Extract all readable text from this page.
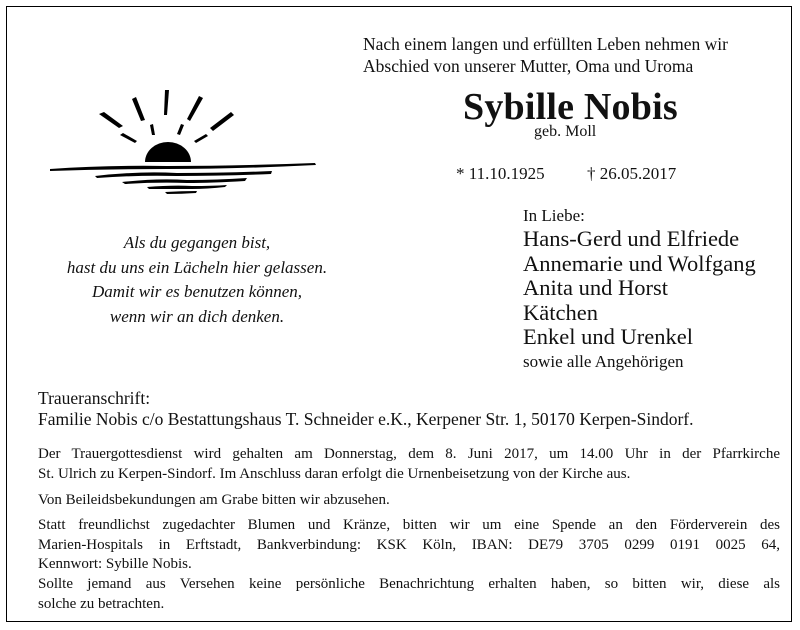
Nach einem langen und erfüllten Leben nehmen wir
Abschied von unserer Mutter, Oma und Uroma
Sybille Nobis
geb. Moll
* 11.10.1925 † 26.05.2017
Als du gegangen bist,
hast du uns ein Lächeln hier gelassen.
Damit wir es benutzen können,
wenn wir an dich denken.
In Liebe:
Hans-Gerd und Elfriede
Annemarie und Wolfgang
Anita und Horst
Kätchen
Enkel und Urenkel
sowie alle Angehörigen
Traueranschrift:
Familie Nobis c/o Bestattungshaus T. Schneider e.K., Kerpener Str. 1, 50170 Kerpen-Sindorf.
Der Trauergottesdienst wird gehalten am Donnerstag, dem 8. Juni 2017, um 14.00 Uhr in der Pfarrkirche
St. Ulrich zu Kerpen-Sindorf. Im Anschluss daran erfolgt die Urnenbeisetzung von der Kirche aus.
Von Beileidsbekundungen am Grabe bitten wir abzusehen.
Statt freundlichst zugedachter Blumen und Kränze, bitten wir um eine Spende an den Förderverein des
Marien-Hospitals in Erftstadt, Bankverbindung: KSK Köln, IBAN: DE79 3705 0299 0191 0025 64,
Kennwort: Sybille Nobis.
Sollte jemand aus Versehen keine persönliche Benachrichtung erhalten haben, so bitten wir, diese als
solche zu betrachten.
